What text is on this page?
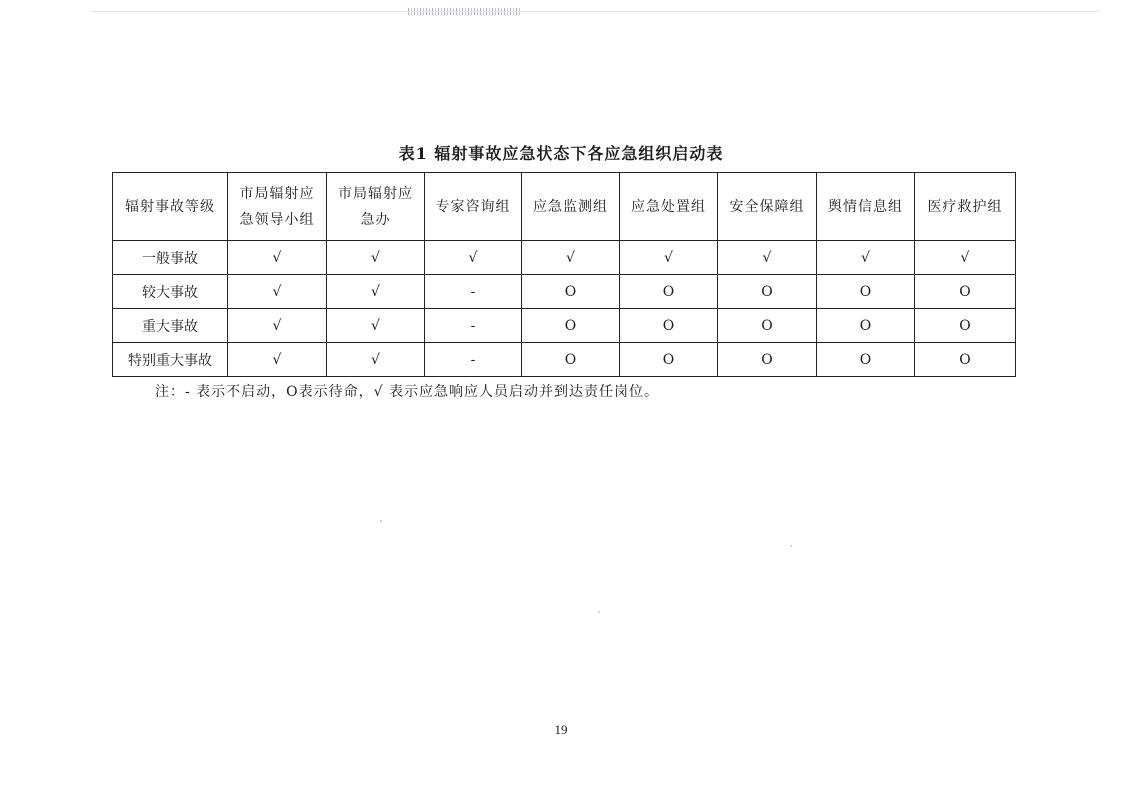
表1 辐射事故应急状态下各应急组织启动表
辐射事故等级	市局辐射应急领导小组	市局辐射应急办	专家咨询组	应急监测组	应急处置组	安全保障组	舆情信息组	医疗救护组
一般事故	√	√	√	√	√	√	√	√
较大事故	√	√	-	O	O	O	O	O
重大事故	√	√	-	O	O	O	O	O
特别重大事故	√	√	-	O	O	O	O	O
注：- 表示不启动，O表示待命，√ 表示应急响应人员启动并到达责任岗位。
19
